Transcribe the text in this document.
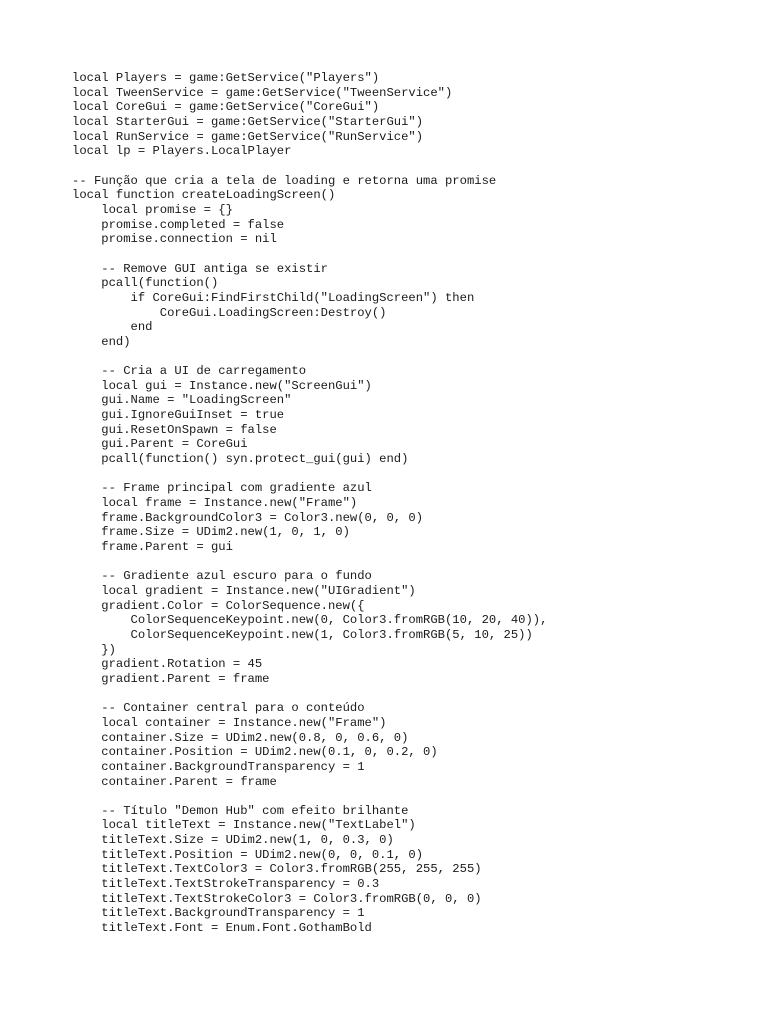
local Players = game:GetService("Players")
local TweenService = game:GetService("TweenService")
local CoreGui = game:GetService("CoreGui")
local StarterGui = game:GetService("StarterGui")
local RunService = game:GetService("RunService")
local lp = Players.LocalPlayer
-- Função que cria a tela de loading e retorna uma promise
local function createLoadingScreen()
local promise = {}
promise.completed = false
promise.connection = nil
-- Remove GUI antiga se existir
pcall(function()
if CoreGui:FindFirstChild("LoadingScreen") then
CoreGui.LoadingScreen:Destroy()
end
end)
-- Cria a UI de carregamento
local gui = Instance.new("ScreenGui")
gui.Name = "LoadingScreen"
gui.IgnoreGuiInset = true
gui.ResetOnSpawn = false
gui.Parent = CoreGui
pcall(function() syn.protect_gui(gui) end)
-- Frame principal com gradiente azul
local frame = Instance.new("Frame")
frame.BackgroundColor3 = Color3.new(0, 0, 0)
frame.Size = UDim2.new(1, 0, 1, 0)
frame.Parent = gui
-- Gradiente azul escuro para o fundo
local gradient = Instance.new("UIGradient")
gradient.Color = ColorSequence.new({
ColorSequenceKeypoint.new(0, Color3.fromRGB(10, 20, 40)),
ColorSequenceKeypoint.new(1, Color3.fromRGB(5, 10, 25))
})
gradient.Rotation = 45
gradient.Parent = frame
-- Container central para o conteúdo
local container = Instance.new("Frame")
container.Size = UDim2.new(0.8, 0, 0.6, 0)
container.Position = UDim2.new(0.1, 0, 0.2, 0)
container.BackgroundTransparency = 1
container.Parent = frame
-- Título "Demon Hub" com efeito brilhante
local titleText = Instance.new("TextLabel")
titleText.Size = UDim2.new(1, 0, 0.3, 0)
titleText.Position = UDim2.new(0, 0, 0.1, 0)
titleText.TextColor3 = Color3.fromRGB(255, 255, 255)
titleText.TextStrokeTransparency = 0.3
titleText.TextStrokeColor3 = Color3.fromRGB(0, 0, 0)
titleText.BackgroundTransparency = 1
titleText.Font = Enum.Font.GothamBold
